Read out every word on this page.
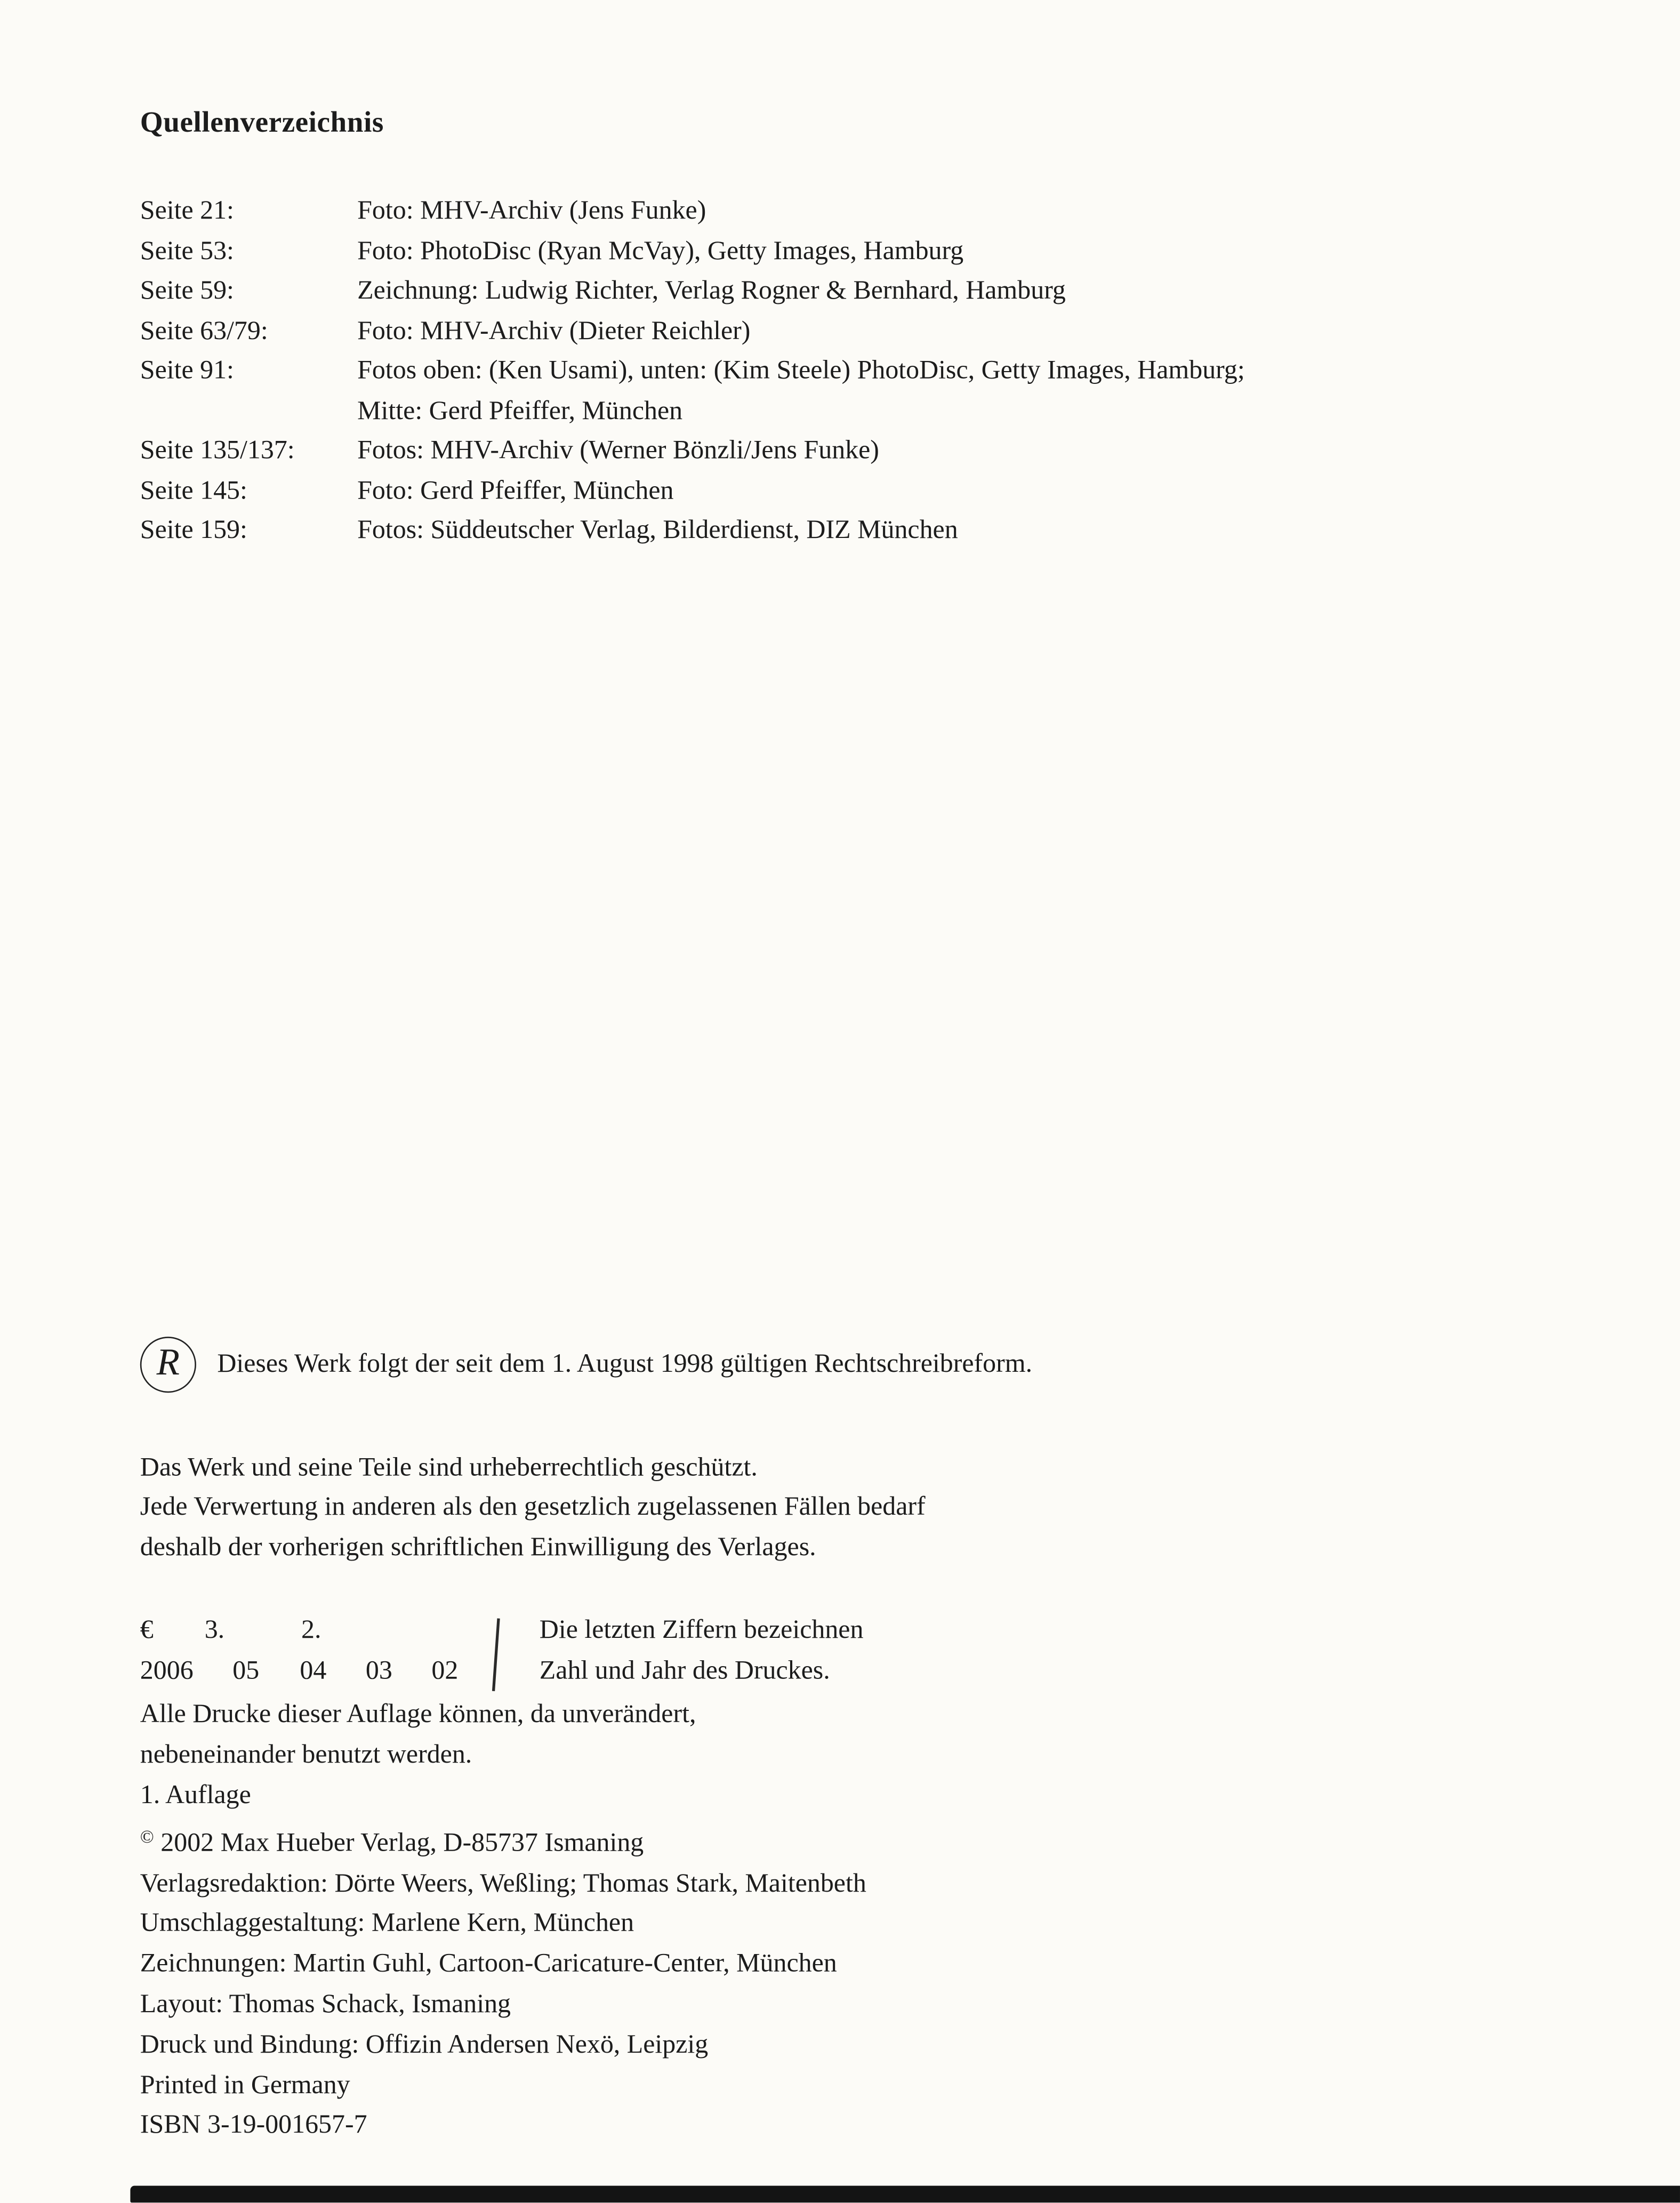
Quellenverzeichnis
Seite 21:	Foto: MHV-Archiv (Jens Funke)
Seite 53:	Foto: PhotoDisc (Ryan McVay), Getty Images, Hamburg
Seite 59:	Zeichnung: Ludwig Richter, Verlag Rogner & Bernhard, Hamburg
Seite 63/79:	Foto: MHV-Archiv (Dieter Reichler)
Seite 91:	Fotos oben: (Ken Usami), unten: (Kim Steele) PhotoDisc, Getty Images, Hamburg;
Mitte: Gerd Pfeiffer, München
Seite 135/137:	Fotos: MHV-Archiv (Werner Bönzli/Jens Funke)
Seite 145:	Foto: Gerd Pfeiffer, München
Seite 159:	Fotos: Süddeutscher Verlag, Bilderdienst, DIZ München
R	Dieses Werk folgt der seit dem 1. August 1998 gültigen Rechtschreibreform.
Das Werk und seine Teile sind urheberrechtlich geschützt.
Jede Verwertung in anderen als den gesetzlich zugelassenen Fällen bedarf
deshalb der vorherigen schriftlichen Einwilligung des Verlages.
€	3.	2.
2006	05	04	03	02
Die letzten Ziffern bezeichnen
Zahl und Jahr des Druckes.
Alle Drucke dieser Auflage können, da unverändert,
nebeneinander benutzt werden.
1. Auflage
© 2002 Max Hueber Verlag, D-85737 Ismaning
Verlagsredaktion: Dörte Weers, Weßling; Thomas Stark, Maitenbeth
Umschlaggestaltung: Marlene Kern, München
Zeichnungen: Martin Guhl, Cartoon-Caricature-Center, München
Layout: Thomas Schack, Ismaning
Druck und Bindung: Offizin Andersen Nexö, Leipzig
Printed in Germany
ISBN 3-19-001657-7
